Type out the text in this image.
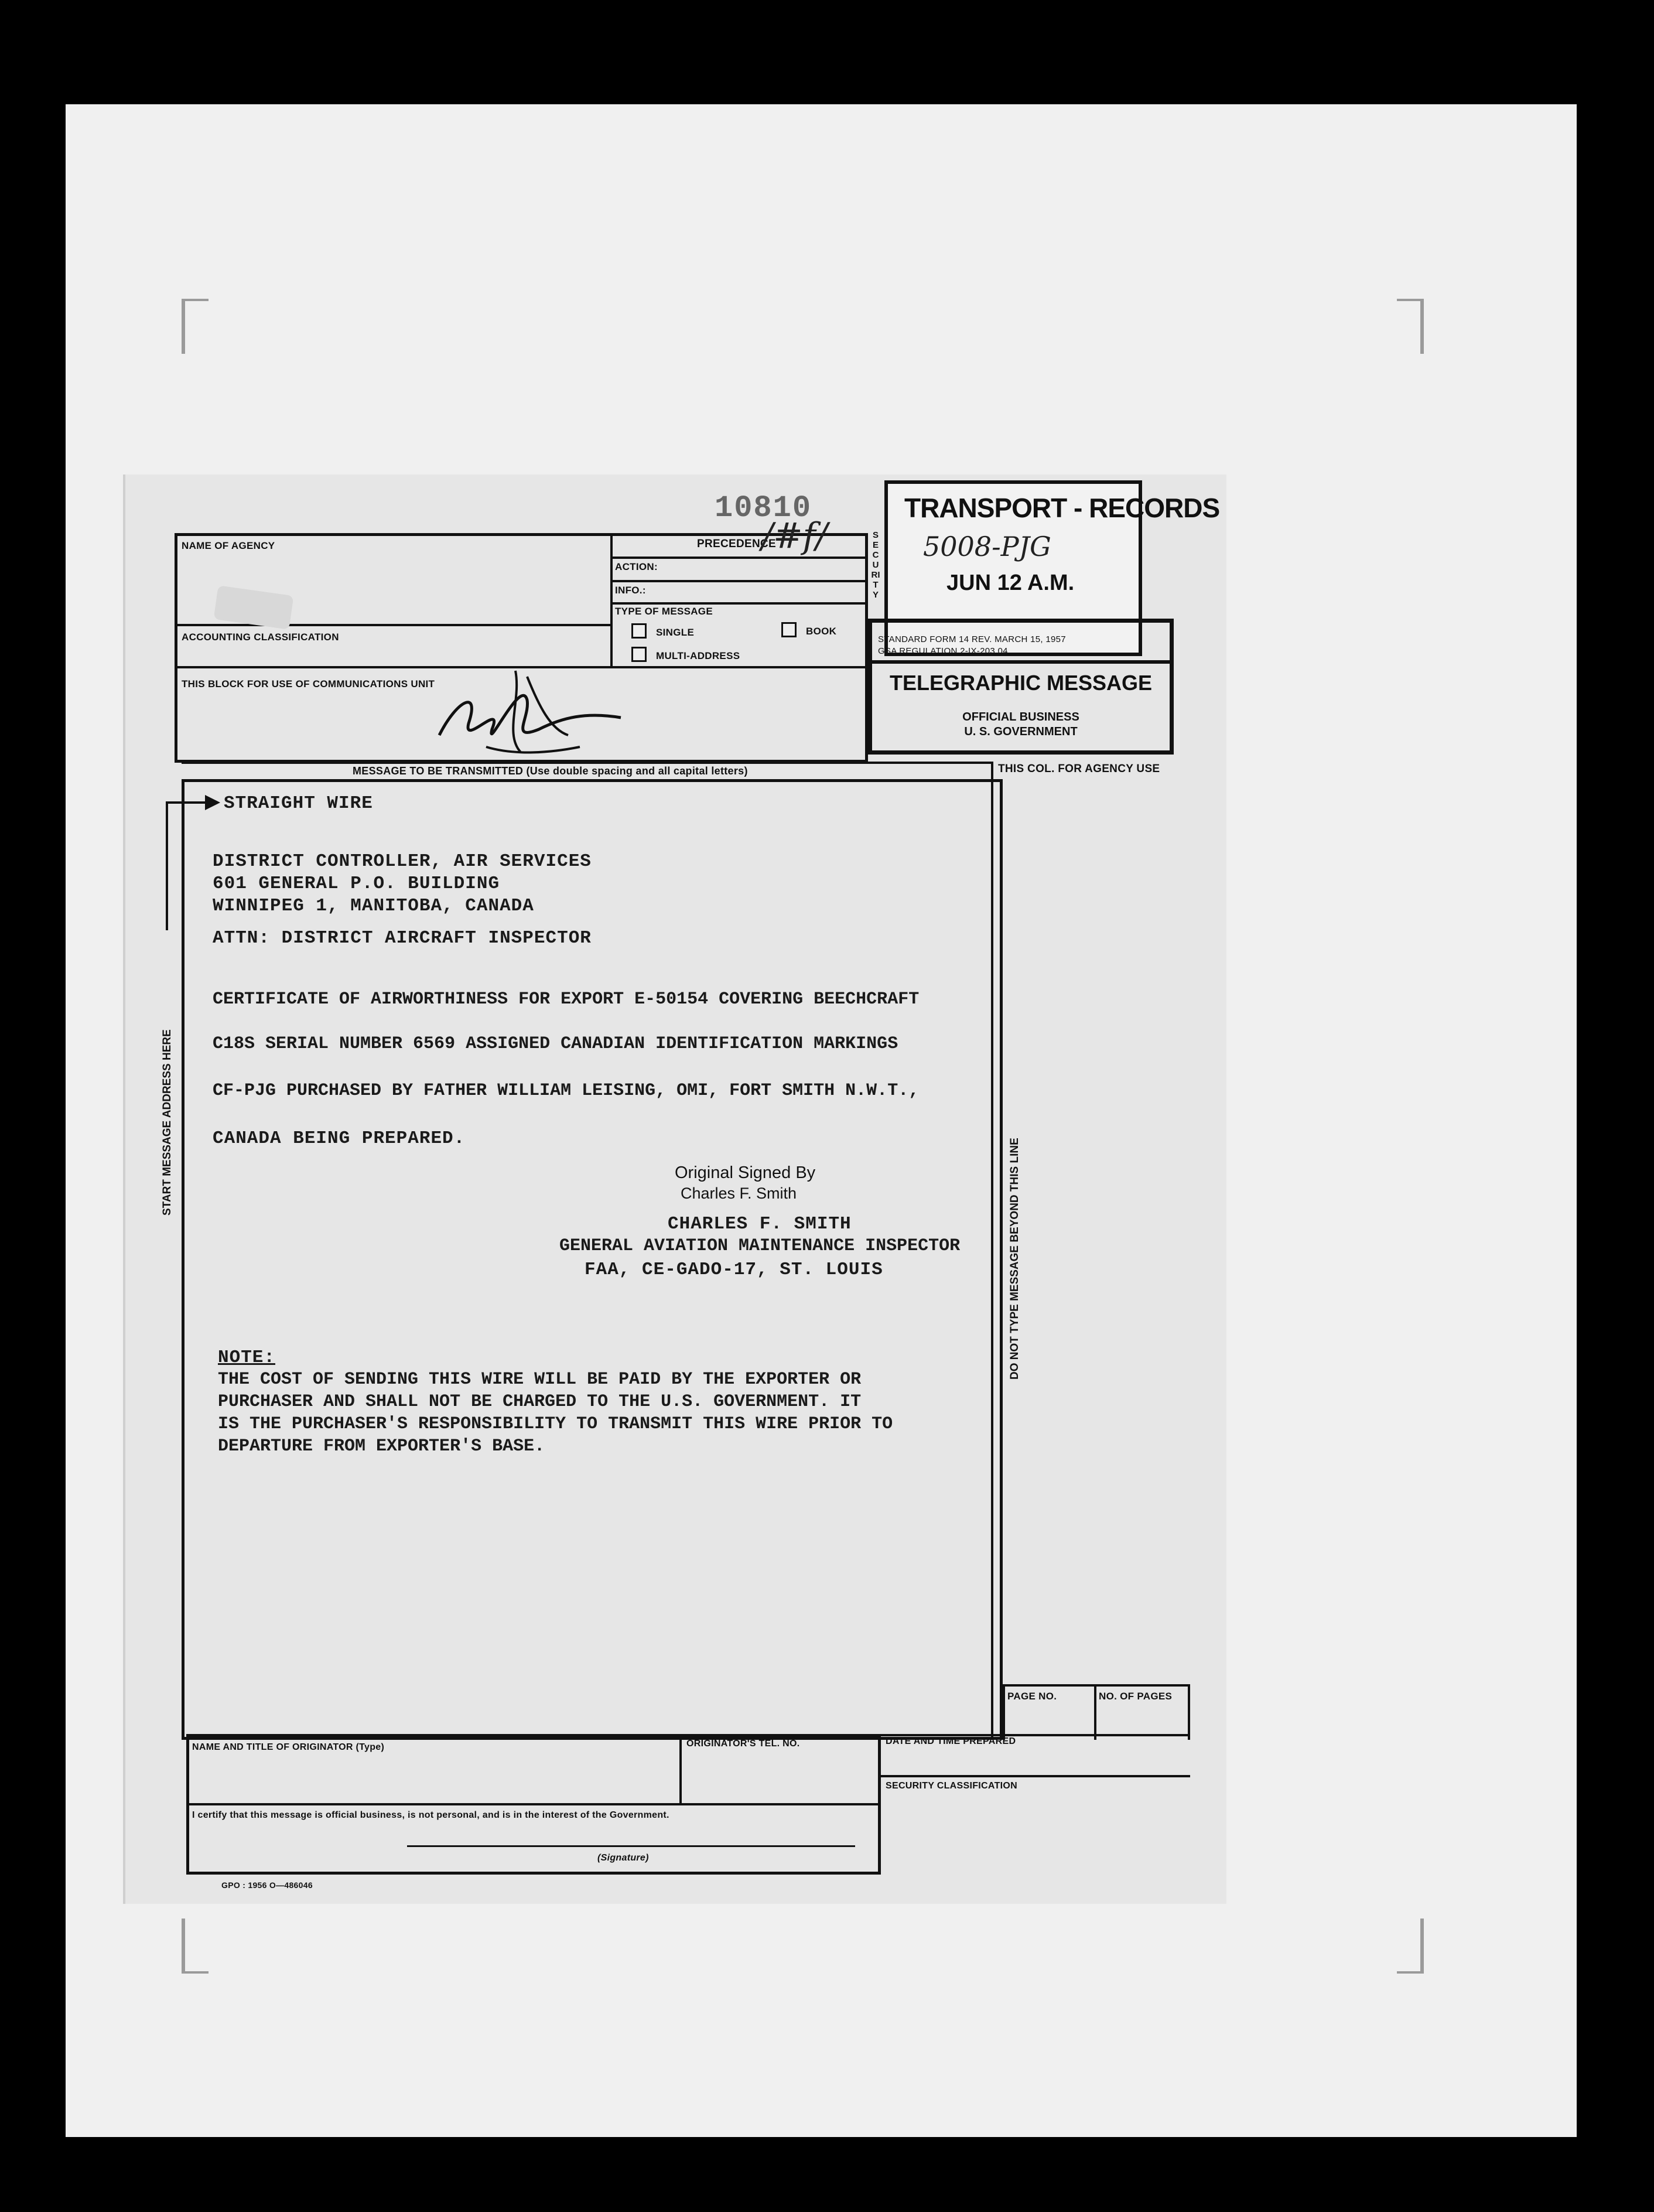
10810
NAME OF AGENCY	PRECEDENCE
ACTION:
INFO.:
TYPE OF MESSAGE
SINGLE	BOOK
MULTI-ADDRESS
ACCOUNTING CLASSIFICATION
THIS BLOCK FOR USE OF COMMUNICATIONS UNIT
SECURITY
TRANSPORT - RECORDS
5008-PJG
JUN 12 A.M.
/#f/
STANDARD FORM 14 REV. MARCH 15, 1957
GSA REGULATION 2-IX-203.04
TELEGRAPHIC MESSAGE
OFFICIAL BUSINESS
U. S. GOVERNMENT
MESSAGE TO BE TRANSMITTED (Use double spacing and all capital letters)	THIS COL. FOR AGENCY USE
START MESSAGE ADDRESS HERE
DO NOT TYPE MESSAGE BEYOND THIS LINE
STRAIGHT WIRE
DISTRICT CONTROLLER, AIR SERVICES
601 GENERAL P.O. BUILDING
WINNIPEG 1, MANITOBA, CANADA
ATTN: DISTRICT AIRCRAFT INSPECTOR
CERTIFICATE OF AIRWORTHINESS FOR EXPORT E-50154 COVERING BEECHCRAFT
C18S SERIAL NUMBER 6569 ASSIGNED CANADIAN IDENTIFICATION MARKINGS
CF-PJG PURCHASED BY FATHER WILLIAM LEISING, OMI, FORT SMITH N.W.T.,
CANADA BEING PREPARED.
Original Signed By
Charles F. Smith
CHARLES F. SMITH
GENERAL AVIATION MAINTENANCE INSPECTOR
FAA, CE-GADO-17, ST. LOUIS
NOTE:
THE COST OF SENDING THIS WIRE WILL BE PAID BY THE EXPORTER OR
PURCHASER AND SHALL NOT BE CHARGED TO THE U.S. GOVERNMENT. IT
IS THE PURCHASER'S RESPONSIBILITY TO TRANSMIT THIS WIRE PRIOR TO
DEPARTURE FROM EXPORTER'S BASE.
PAGE NO.	NO. OF PAGES
NAME AND TITLE OF ORIGINATOR (Type)	ORIGINATOR'S TEL. NO.	DATE AND TIME PREPARED
SECURITY CLASSIFICATION
I certify that this message is official business, is not personal, and is in the interest of the Government.
(Signature)
GPO : 1956 O—486046
